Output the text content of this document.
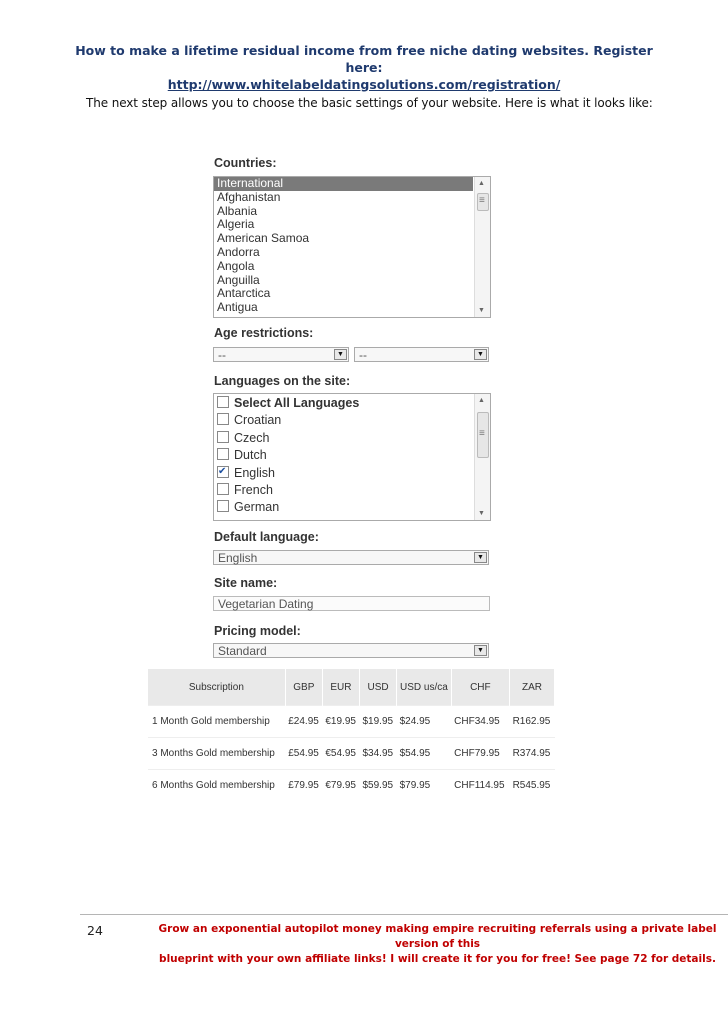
How to make a lifetime residual income from free niche dating websites. Register here:
http://www.whitelabeldatingsolutions.com/registration/
The next step allows you to choose the basic settings of your website. Here is what it looks like:
Countries:
International
Afghanistan
Albania
Algeria
American Samoa
Andorra
Angola
Anguilla
Antarctica
Antigua
▲
≡
▼
Age restrictions:
--	▼	--	▼
Languages on the site:
Select All Languages
Croatian
Czech
Dutch
✔English
French
German
▲
≡
▼
Default language:
English	▼
Site name:
Vegetarian Dating
Pricing model:
Standard	▼
Subscription	GBP	EUR	USD	USD us/ca	CHF	ZAR
1 Month Gold membership	£24.95	€19.95	$19.95	$24.95	CHF34.95	R162.95
3 Months Gold membership	£54.95	€54.95	$34.95	$54.95	CHF79.95	R374.95
6 Months Gold membership	£79.95	€79.95	$59.95	$79.95	CHF114.95	R545.95
24	Grow an exponential autopilot money making empire recruiting referrals using a private label version of this
blueprint with your own affiliate links! I will create it for you for free! See page 72 for details.
